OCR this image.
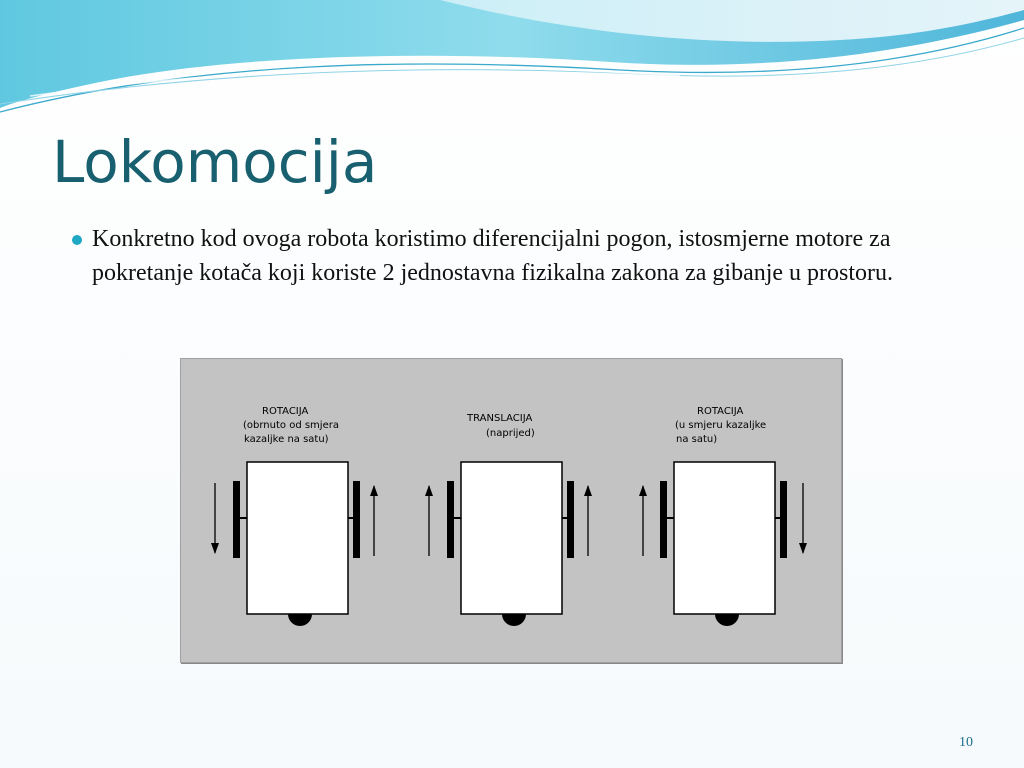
Lokomocija
Konkretno kod ovoga robota koristimo diferencijalni pogon, istosmjerne motore za pokretanje kotača koji koriste 2 jednostavna fizikalna zakona za gibanje u prostoru.
ROTACIJA
(obrnuto od smjera
kazaljke na satu)
TRANSLACIJA
(naprijed)
ROTACIJA
(u smjeru kazaljke
na satu)
10
